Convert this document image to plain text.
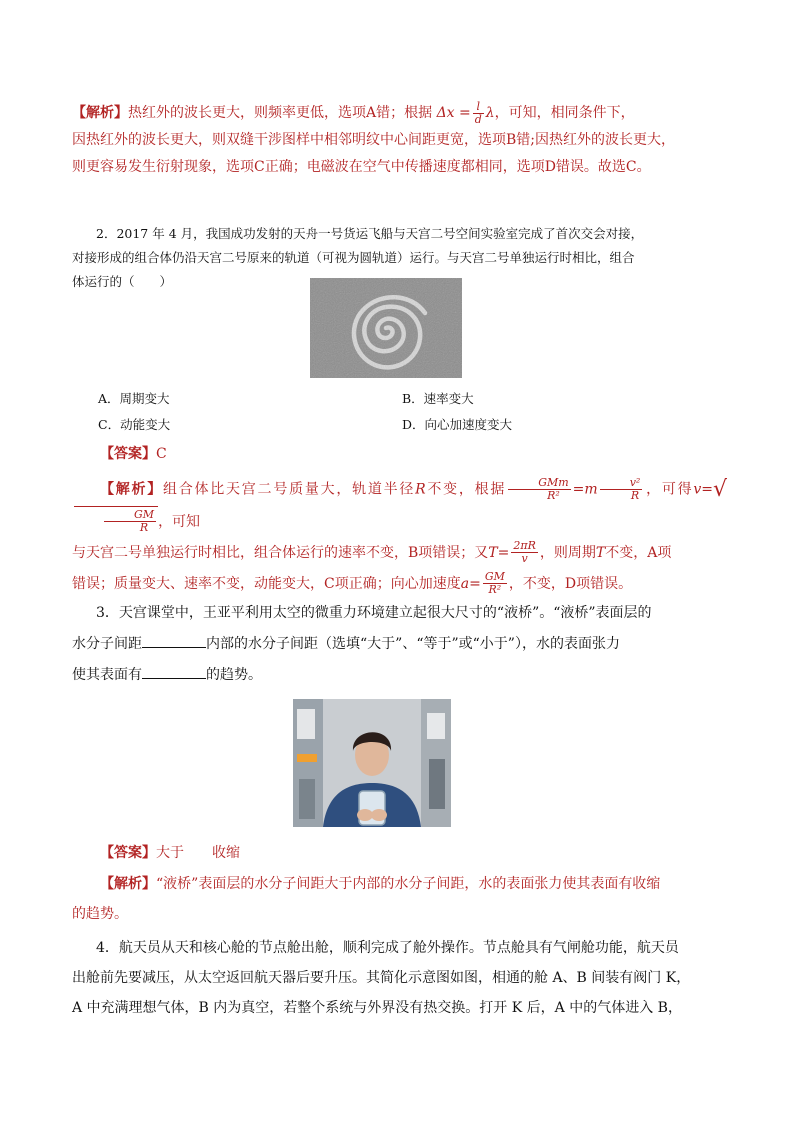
【解析】热红外的波长更大，则频率更低，选项A错；根据 $\Delta x = \frac{l}{d}$ λ，可知，相同条件下，
因热红外的波长更大，则双缝干涉图样中相邻明纹中心间距更宽，选项B错;因热红外的波长更大，
则更容易发生衍射现象，选项C正确；电磁波在空气中传播速度都相同，选项D错误。故选C。
2．2017 年 4 月，我国成功发射的天舟一号货运飞船与天宫二号空间实验室完成了首次交会对接，
对接形成的组合体仍沿天宫二号原来的轨道（可视为圆轨道）运行。与天宫二号单独运行时相比，组合
体运行的（　　）
A．周期变大	B．速率变大
C．动能变大	D．向心加速度变大
【答案】C
【解析】组合体比天宫二号质量大，轨道半径R不变，根据 $\frac{\text{GMm}}{\text{R²}} =m \frac{\text{v²}}{R}$ ，可得v=√
$\frac{GM}{R}$ ，可知
与天宫二号单独运行时相比，组合体运行的速率不变，B项错误；又$T= \frac{2\pi R}{v}$ ，则周期T不变，A项
错误；质量变大、速率不变，动能变大，C项正确；向心加速度$a= \frac{GM}{\text{R²}}$ ，不变，D项错误。
3．天宫课堂中，王亚平利用太空的微重力环境建立起很大尺寸的“液桥”。“液桥”表面层的
水分子间距	内部的水分子间距（选填“大于”、“等于”或“小于”），水的表面张力
使其表面有	的趋势。
【答案】大于　　收缩
【解析】“液桥”表面层的水分子间距大于内部的水分子间距，水的表面张力使其表面有收缩
的趋势。
4．航天员从天和核心舱的节点舱出舱，顺利完成了舱外操作。节点舱具有气闸舱功能，航天员
出舱前先要减压，从太空返回航天器后要升压。其简化示意图如图，相通的舱 A、B 间装有阀门 K，
A 中充满理想气体，B 内为真空，若整个系统与外界没有热交换。打开 K 后，A 中的气体进入 B，
